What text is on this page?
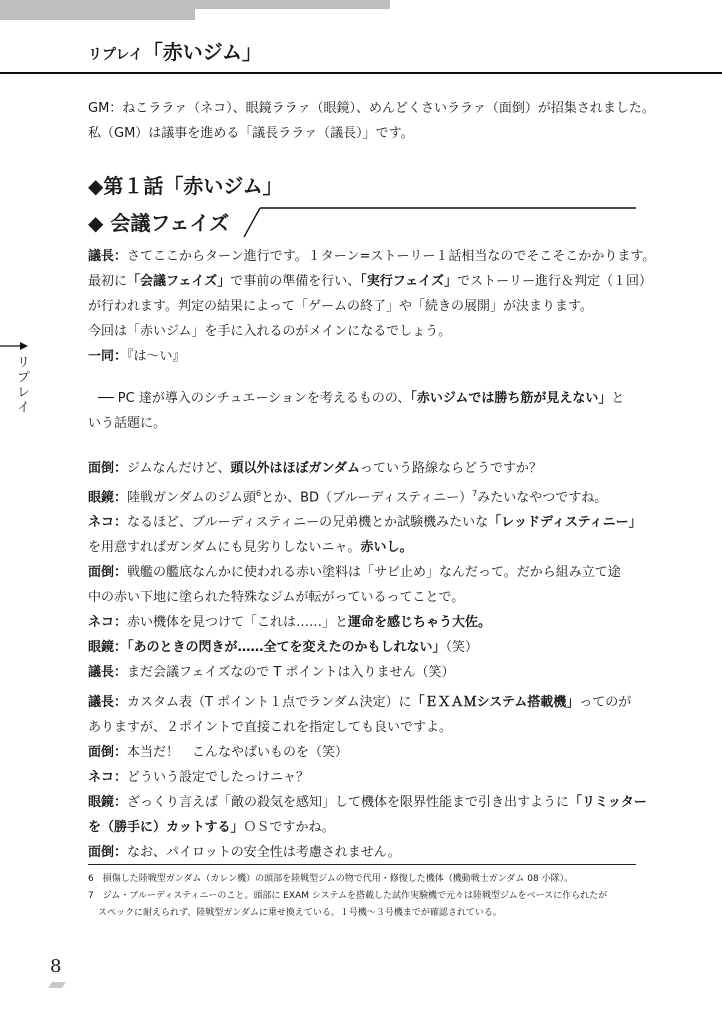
リプレイ「赤いジム」
リプレイ

GM：ねこララァ（ネコ）、眼鏡ララァ（眼鏡）、めんどくさいララァ（面倒）が招集されました。

私（GM）は議事を進める「議長ララァ（議長）」です。

◆第１話「赤いジム」
◆ 会議フェイズ

議長：さてここからターン進行です。１ターン=ストーリー１話相当なのでそこそこかかります。

最初に「会議フェイズ」で事前の準備を行い、「実行フェイズ」でストーリー進行＆判定（１回）

が行われます。判定の結果によって「ゲームの終了」や「続きの展開」が決まります。

今回は「赤いジム」を手に入れるのがメインになるでしょう。

一同：『は〜い』

── PC 達が導入のシチュエーションを考えるものの、「赤いジムでは勝ち筋が見えない」と

いう話題に。

面倒：ジムなんだけど、頭以外はほぼガンダムっていう路線ならどうですか？

眼鏡：陸戦ガンダムのジム頭$^6$とか、BD（ブルーディスティニー）$^7$みたいなやつですね。

ネコ：なるほど、ブルーディスティニーの兄弟機とか試験機みたいな「レッドディスティニー」

を用意すればガンダムにも見劣りしないニャ。赤いし。

面倒：戦艦の艦底なんかに使われる赤い塗料は「サビ止め」なんだって。だから組み立て途

中の赤い下地に塗られた特殊なジムが転がっているってことで。

ネコ：赤い機体を見つけて「これは……」と運命を感じちゃう大佐。

眼鏡：「あのときの閃きが……全てを変えたのかもしれない」（笑）

議長：まだ会議フェイズなので T ポイントは入りません（笑）

議長：カスタム表（T ポイント１点でランダム決定）に「ＥＸＡＭシステム搭載機」ってのが

ありますが、２ポイントで直接これを指定しても良いですよ。

面倒：本当だ！　こんなやばいものを（笑）

ネコ：どういう設定でしたっけニャ？

眼鏡：ざっくり言えば「敵の殺気を感知」して機体を限界性能まで引き出すように「リミッター

を（勝手に）カットする」ＯＳですかね。

面倒：なお、パイロットの安全性は考慮されません。

6　損傷した陸戦型ガンダム（カレン機）の頭部を陸戦型ジムの物で代用・修復した機体（機動戦士ガンダム 08 小隊）。

7　ジム・ブルーディスティニーのこと。頭部に EXAM システムを搭載した試作実験機で元々は陸戦型ジムをベースに作られたが

スペックに耐えられず、陸戦型ガンダムに乗せ換えている。１号機〜３号機までが確認されている。

8
